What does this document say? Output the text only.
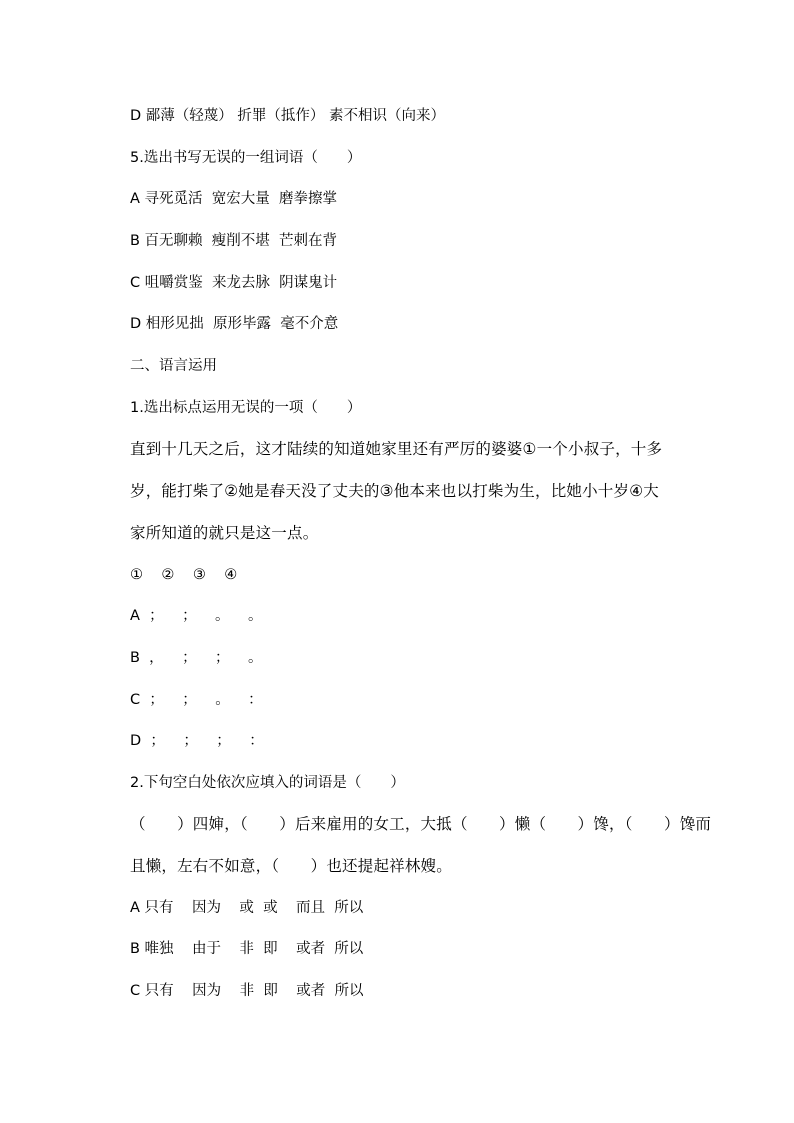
D 鄙薄（轻蔑） 折罪（抵作） 素不相识（向来）
5.选出书写无误的一组词语（　　）
A 寻死觅活  宽宏大量  磨拳擦掌
B 百无聊赖  瘦削不堪  芒刺在背
C 咀嚼赏鉴  来龙去脉  阴谋鬼计
D 相形见拙  原形毕露  毫不介意
二、语言运用
1.选出标点运用无误的一项（　　）
直到十几天之后，这才陆续的知道她家里还有严厉的婆婆①一个小叔子，十多
岁，能打柴了②她是春天没了丈夫的③他本来也以打柴为生，比她小十岁④大
家所知道的就只是这一点。
①    ②    ③    ④
A  ；    ；    。    。
B  ，    ；    ；    。
C  ；    ；    。    ：
D  ；    ；    ；    ：
2.下句空白处依次应填入的词语是（　　）
（　　）四婶，（　　）后来雇用的女工，大抵（　　）懒（　　）馋，（　　）馋而
且懒，左右不如意，（　　）也还提起祥林嫂。
A 只有    因为    或  或    而且  所以
B 唯独    由于    非  即    或者  所以
C 只有    因为    非  即    或者  所以
